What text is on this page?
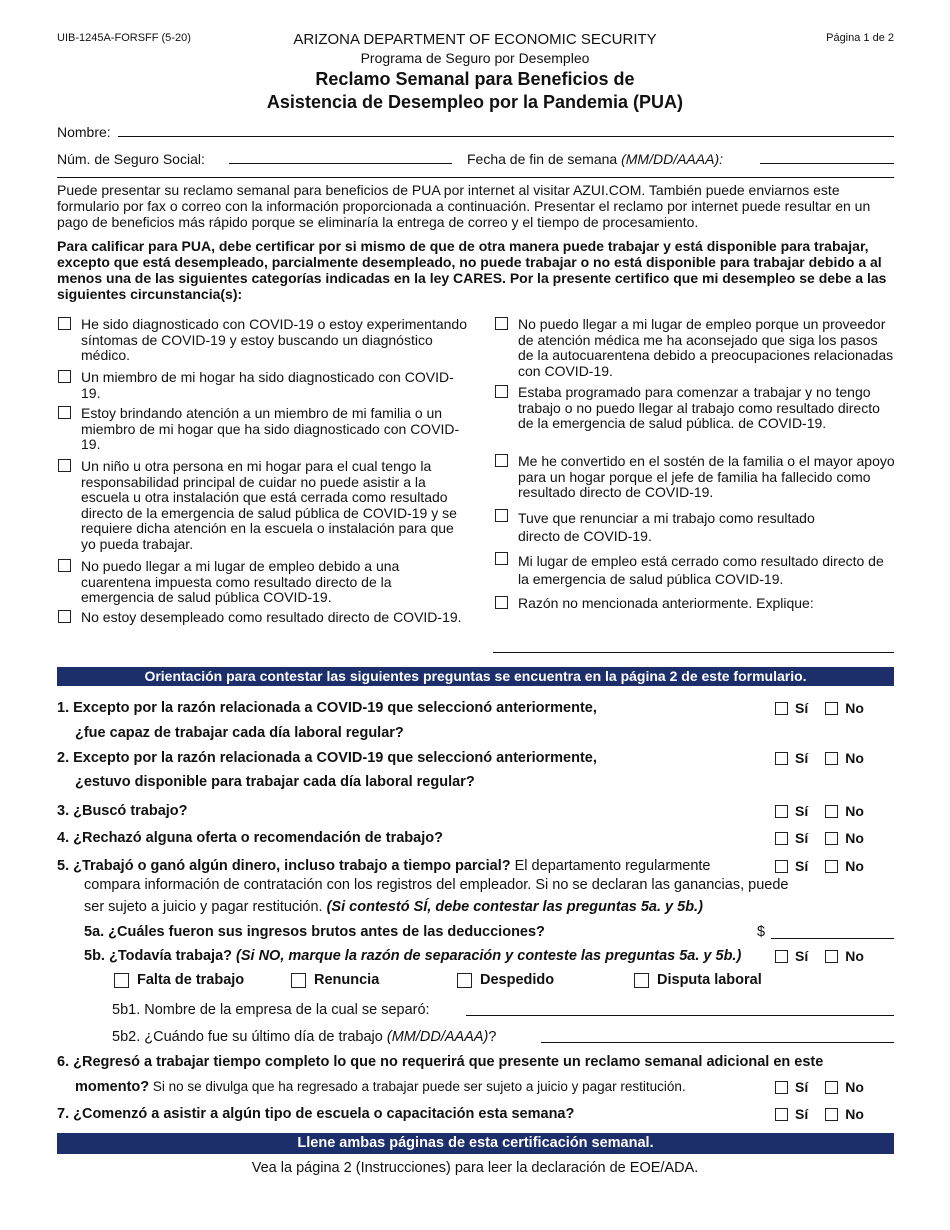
UIB-1245A-FORSFF (5-20)	Página 1 de 2
ARIZONA DEPARTMENT OF ECONOMIC SECURITY
Programa de Seguro por Desempleo
Reclamo Semanal para Beneficios de
Asistencia de Desempleo por la Pandemia (PUA)
Nombre:
Núm. de Seguro Social:	Fecha de fin de semana (MM/DD/AAAA):
Puede presentar su reclamo semanal para beneficios de PUA por internet al visitar AZUI.COM. También puede enviarnos este formulario por fax o correo con la información proporcionada a continuación. Presentar el reclamo por internet puede resultar en un pago de beneficios más rápido porque se eliminaría la entrega de correo y el tiempo de procesamiento.
Para calificar para PUA, debe certificar por si mismo de que de otra manera puede trabajar y está disponible para trabajar, excepto que está desempleado, parcialmente desempleado, no puede trabajar o no está disponible para trabajar debido a al menos una de las siguientes categorías indicadas en la ley CARES. Por la presente certifico que mi desempleo se debe a las siguientes circunstancia(s):
He sido diagnosticado con COVID-19 o estoy experimentando síntomas de COVID-19 y estoy buscando un diagnóstico médico.
Un miembro de mi hogar ha sido diagnosticado con COVID-19.
Estoy brindando atención a un miembro de mi familia o un miembro de mi hogar que ha sido diagnosticado con COVID-19.
Un niño u otra persona en mi hogar para el cual tengo la responsabilidad principal de cuidar no puede asistir a la escuela u otra instalación que está cerrada como resultado directo de la emergencia de salud pública de COVID-19 y se requiere dicha atención en la escuela o instalación para que yo pueda trabajar.
No puedo llegar a mi lugar de empleo debido a una cuarentena impuesta como resultado directo de la emergencia de salud pública COVID-19.
No estoy desempleado como resultado directo de COVID-19.
No puedo llegar a mi lugar de empleo porque un proveedor de atención médica me ha aconsejado que siga los pasos de la autocuarentena debido a preocupaciones relacionadas con COVID-19.
Estaba programado para comenzar a trabajar y no tengo trabajo o no puedo llegar al trabajo como resultado directo de la emergencia de salud pública. de COVID-19.
Me he convertido en el sostén de la familia o el mayor apoyo para un hogar porque el jefe de familia ha fallecido como resultado directo de COVID-19.
Tuve que renunciar a mi trabajo como resultado directo de COVID-19.
Mi lugar de empleo está cerrado como resultado directo de la emergencia de salud pública COVID-19.
Razón no mencionada anteriormente. Explique:
Orientación para contestar las siguientes preguntas se encuentra en la página 2 de este formulario.
1. Excepto por la razón relacionada a COVID-19 que seleccionó anteriormente,
¿fue capaz de trabajar cada día laboral regular?
Sí	No
2. Excepto por la razón relacionada a COVID-19 que seleccionó anteriormente,
¿estuvo disponible para trabajar cada día laboral regular?
Sí	No
3. ¿Buscó trabajo?	Sí	No
4. ¿Rechazó alguna oferta o recomendación de trabajo?	Sí	No
5. ¿Trabajó o ganó algún dinero, incluso trabajo a tiempo parcial? El departamento regularmente	Sí	No
compara información de contratación con los registros del empleador. Si no se declaran las ganancias, puede
ser sujeto a juicio y pagar restitución. (Si contestó SÍ, debe contestar las preguntas 5a. y 5b.)
5a. ¿Cuáles fueron sus ingresos brutos antes de las deducciones?	$
5b. ¿Todavía trabaja? (Si NO, marque la razón de separación y conteste las preguntas 5a. y 5b.)	Sí	No
Falta de trabajo	Renuncia	Despedido	Disputa laboral
5b1. Nombre de la empresa de la cual se separó:
5b2. ¿Cuándo fue su último día de trabajo (MM/DD/AAAA)?
6. ¿Regresó a trabajar tiempo completo lo que no requerirá que presente un reclamo semanal adicional en este
momento? Si no se divulga que ha regresado a trabajar puede ser sujeto a juicio y pagar restitución.	Sí	No
7. ¿Comenzó a asistir a algún tipo de escuela o capacitación esta semana?	Sí	No
Llene ambas páginas de esta certificación semanal.
Vea la página 2 (Instrucciones) para leer la declaración de EOE/ADA.
